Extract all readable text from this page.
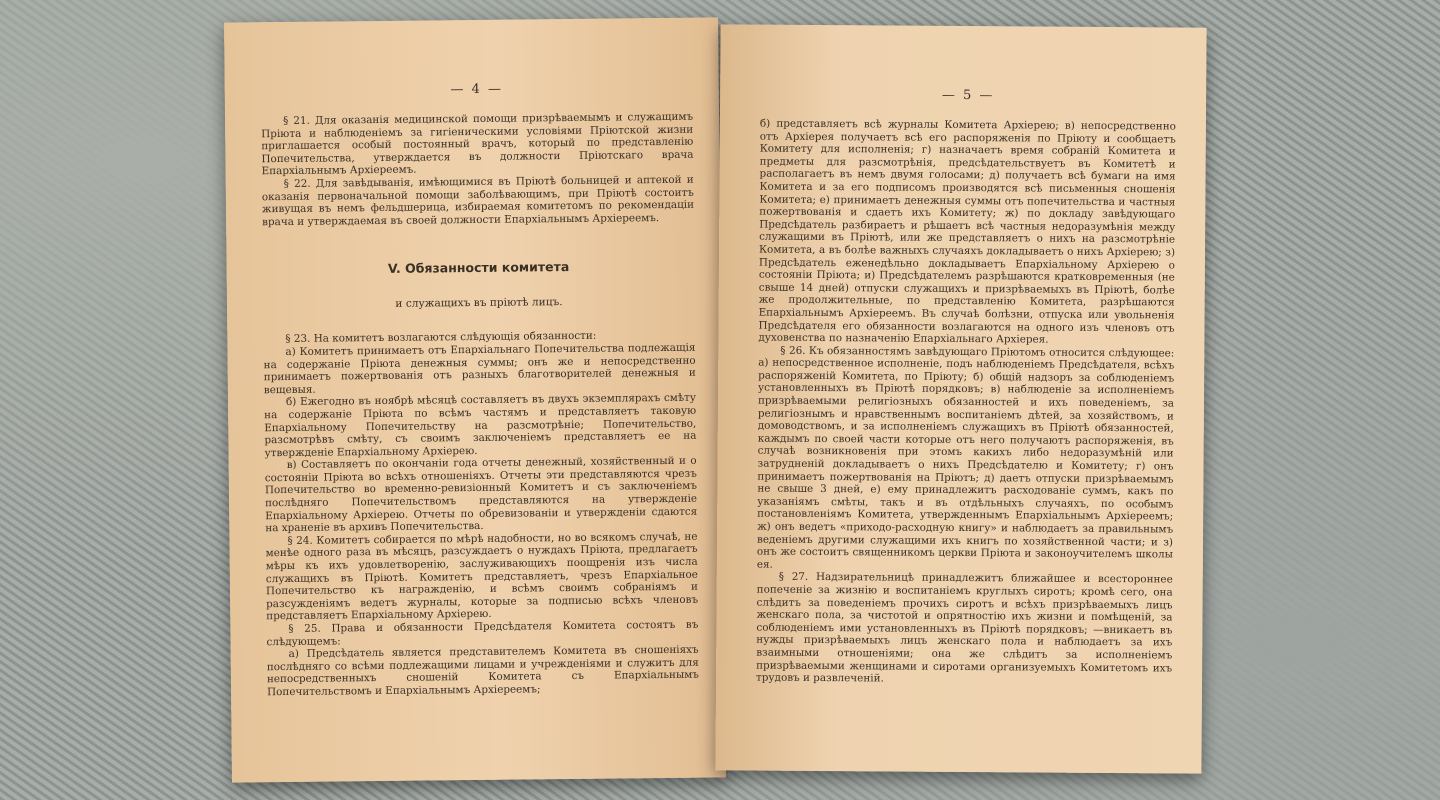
— 4 —

§ 21. Для оказанія медицинской помощи призрѣваемымъ и служащимъ Пріюта и наблюденіемъ за гигіеническими условіями Пріютской жизни приглашается особый постоянный врачъ, который по представленію Попечительства, утверждается въ должности Пріютскаго врача Епархіальнымъ Архіереемъ.

§ 22. Для завѣдыванія, имѣющимися въ Пріютѣ больницей и аптекой и оказанія первоначальной помощи заболѣвающимъ, при Пріютѣ состоитъ живущая въ немъ фельдшерица, избираемая комитетомъ по рекомендаціи врача и утверждаемая въ своей должности Епархіальнымъ Архіереемъ.

V. Обязанности комитета
и служащихъ въ пріютѣ лицъ.

§ 23. На комитетъ возлагаются слѣдующія обязанности:

а) Комитетъ принимаетъ отъ Епархіальнаго Попечительства подлежащія на содержаніе Пріюта денежныя суммы; онъ же и непосредственно принимаетъ пожертвованія отъ разныхъ благотворителей денежныя и вещевыя.

б) Ежегодно въ ноябрѣ мѣсяцѣ составляетъ въ двухъ экземплярахъ смѣту на содержаніе Пріюта по всѣмъ частямъ и представляетъ таковую Епархіальному Попечительству на разсмотрѣніе; Попечительство, разсмотрѣвъ смѣту, съ своимъ заключеніемъ представляетъ ее на утвержденіе Епархіальному Архіерею.

в) Составляетъ по окончаніи года отчеты денежный, хозяйственный и о состояніи Пріюта во всѣхъ отношеніяхъ. Отчеты эти представляются чрезъ Попечительство во временно-ревизіонный Комитетъ и съ заключеніемъ послѣдняго Попечительствомъ представляются на утвержденіе Епархіальному Архіерею. Отчеты по обревизованіи и утвержденіи сдаются на храненіе въ архивъ Попечительства.

§ 24. Комитетъ собирается по мѣрѣ надобности, но во всякомъ случаѣ, не менѣе одного раза въ мѣсяцъ, разсуждаетъ о нуждахъ Пріюта, предлагаетъ мѣры къ ихъ удовлетворенію, заслуживающихъ поощренія изъ числа служащихъ въ Пріютѣ. Комитетъ представляетъ, чрезъ Епархіальное Попечительство къ награжденію, и всѣмъ своимъ собраніямъ и разсужденіямъ ведетъ журналы, которые за подписью всѣхъ членовъ представляетъ Епархіальному Архіерею.

§ 25. Права и обязанности Предсѣдателя Комитета состоятъ въ слѣдующемъ:

а) Предсѣдатель является представителемъ Комитета въ сношеніяхъ послѣдняго со всѣми подлежащими лицами и учрежденіями и служитъ для непосредственныхъ сношеній Комитета съ Епархіальнымъ Попечительствомъ и Епархіальнымъ Архіереемъ;

— 5 —

б) представляетъ всѣ журналы Комитета Архіерею; в) непосредственно отъ Архіерея получаетъ всѣ его распоряженія по Пріюту и сообщаетъ Комитету для исполненія; г) назначаетъ время собраній Комитета и предметы для разсмотрѣнія, предсѣдательствуетъ въ Комитетѣ и располагаетъ въ немъ двумя голосами; д) получаетъ всѣ бумаги на имя Комитета и за его подписомъ производятся всѣ письменныя сношенія Комитета; е) принимаетъ денежныя суммы отъ попечительства и частныя пожертвованія и сдаетъ ихъ Комитету; ж) по докладу завѣдующаго Предсѣдатель разбираетъ и рѣшаетъ всѣ частныя недоразумѣнія между служащими въ Пріютѣ, или же представляетъ о нихъ на разсмотрѣніе Комитета, а въ болѣе важныхъ случаяхъ докладываетъ о нихъ Архіерею; з) Предсѣдатель еженедѣльно докладываетъ Епархіальному Архіерею о состояніи Пріюта; и) Предсѣдателемъ разрѣшаются кратковременныя (не свыше 14 дней) отпуски служащихъ и призрѣваемыхъ въ Пріютѣ, болѣе же продолжительные, по представленію Комитета, разрѣшаются Епархіальнымъ Архіереемъ. Въ случаѣ болѣзни, отпуска или увольненія Предсѣдателя его обязанности возлагаются на одного изъ членовъ отъ духовенства по назначенію Епархіальнаго Архіерея.

§ 26. Къ обязанностямъ завѣдующаго Пріютомъ относится слѣдующее: а) непосредственное исполненіе, подъ наблюденіемъ Предсѣдателя, всѣхъ распоряженій Комитета, по Пріюту; б) общій надзоръ за соблюденіемъ установленныхъ въ Пріютѣ порядковъ; в) наблюденіе за исполненіемъ призрѣваемыми религіозныхъ обязанностей и ихъ поведеніемъ, за религіознымъ и нравственнымъ воспитаніемъ дѣтей, за хозяйствомъ, и домоводствомъ, и за исполненіемъ служащихъ въ Пріютѣ обязанностей, каждымъ по своей части которые отъ него получаютъ распоряженія, въ случаѣ возникновенія при этомъ какихъ либо недоразумѣній или затрудненій докладываетъ о нихъ Предсѣдателю и Комитету; г) онъ принимаетъ пожертвованія на Пріютъ; д) даетъ отпуски призрѣваемымъ не свыше 3 дней, е) ему принадлежитъ расходованіе суммъ, какъ по указаніямъ смѣты, такъ и въ отдѣльныхъ случаяхъ, по особымъ постановленіямъ Комитета, утвержденнымъ Епархіальнымъ Архіереемъ; ж) онъ ведетъ «приходо-расходную книгу» и наблюдаетъ за правильнымъ веденіемъ другими служащими ихъ книгъ по хозяйственной части; и з) онъ же состоитъ священникомъ церкви Пріюта и законоучителемъ школы ея.

§ 27. Надзирательницѣ принадлежитъ ближайшее и всестороннее попеченіе за жизнію и воспитаніемъ круглыхъ сиротъ; кромѣ сего, она слѣдитъ за поведеніемъ прочихъ сиротъ и всѣхъ призрѣваемыхъ лицъ женскаго пола, за чистотой и опрятностію ихъ жизни и помѣщеній, за соблюденіемъ ими установленныхъ въ Пріютѣ порядковъ; —вникаетъ въ нужды призрѣваемыхъ лицъ женскаго пола и наблюдаетъ за ихъ взаимными отношеніями; она же слѣдитъ за исполненіемъ призрѣваемыми женщинами и сиротами организуемыхъ Комитетомъ ихъ трудовъ и развлеченій.
